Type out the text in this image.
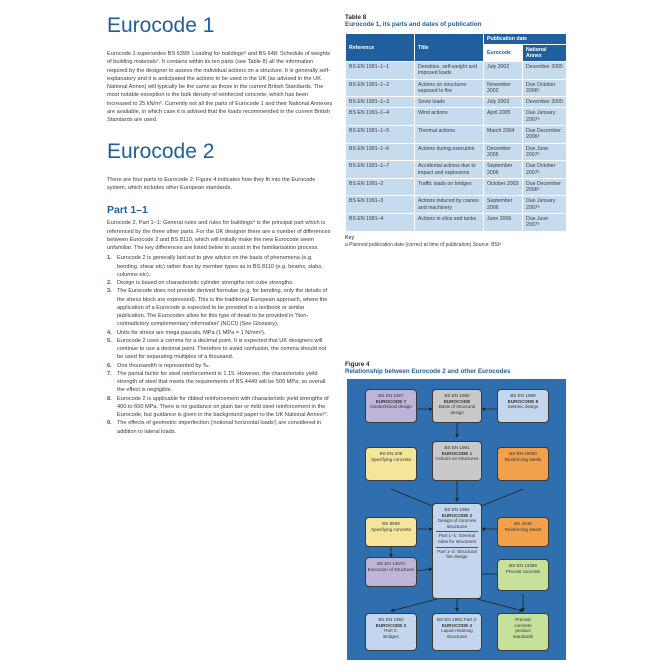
Eurocode 1

Eurocode 1 supersedes BS 6399: Loading for buildings⁶ and BS 648: Schedule of weights of building materials⁷. It contains within its ten parts (see Table 8) all the information required by the designer to assess the individual actions on a structure. It is generally self-explanatory and it is anticipated the actions to be used in the UK (as advised in the UK National Annex) will typically be the same as those in the current British Standards. The most notable exception is the bulk density of reinforced concrete, which has been increased to 25 kN/m³. Currently not all the parts of Eurocode 1 and their National Annexes are available, in which case it is advised that the loads recommended in the current British Standards are used.

Eurocode 2

There are four parts to Eurocode 2; Figure 4 indicates how they fit into the Eurocode system, which includes other European standards.

Part 1–1

Eurocode 2, Part 1–1: General rules and rules for buildings⁹ is the principal part which is referenced by the three other parts. For the UK designer there are a number of differences between Eurocode 2 and BS 8110, which will initially make the new Eurocode seem unfamiliar. The key differences are listed below to assist in the familiarisation process.

1. Eurocode 2 is generally laid out to give advice on the basis of phenomena (e.g. bending, shear etc) rather than by member types as in BS 8110 (e.g. beams, slabs, columns etc).
2. Design is based on characteristic cylinder strengths not cube strengths.
3. The Eurocode does not provide derived formulae (e.g. for bending, only the details of the stress block are expressed). This is the traditional European approach, where the application of a Eurocode is expected to be provided in a textbook or similar publication. The Eurocodes allow for this type of detail to be provided in 'Non-contradictory complementary information' (NCCI) (See Glossary).
4. Units for stress are mega pascals, MPa (1 MPa = 1 N/mm²).
5. Eurocode 2 uses a comma for a decimal point. It is expected that UK designers will continue to use a decimal point. Therefore to avoid confusion, the comma should not be used for separating multiples of a thousand.
6. One thousandth is represented by ‰.
7. The partial factor for steel reinforcement is 1.15. However, the characteristic yield strength of steel that meets the requirements of BS 4449 will be 500 MPa; so overall the effect is negligible.
8. Eurocode 2 is applicable for ribbed reinforcement with characteristic yield strengths of 400 to 600 MPa. There is no guidance on plain bar or mild steel reinforcement in the Eurocode, but guidance is given in the background paper to the UK National Annex¹⁰.
9. The effects of geometric imperfection ('notional horizontal loads') are considered in addition to lateral loads.
Table 8
Eurocode 1, its parts and dates of publication
Reference	Title	Publication date	
		Eurocode	National Annex
BS EN 1991–1–1	Densities, self-weight and imposed loads	July 2002	December 2005
BS EN 1991–1–2	Actions on structures exposed to fire	November 2002	Due October 2006ᵃ
BS EN 1991–1–3	Snow loads	July 2003	December 2005
BS EN 1991–1–4	Wind actions	April 2005	Due January 2007ᵃ
BS EN 1991–1–5	Thermal actions	March 2004	Due December 2006ᵃ
BS EN 1991–1–6	Actions during execution	December 2005	Due June 2007ᵃ
BS EN 1991–1–7	Accidental actions due to impact and explosions	September 2006	Due October 2007ᵃ
BS EN 1991–2	Traffic loads on bridges	October 2003	Due December 2006ᵃ
BS EN 1991–3	Actions induced by cranes and machinery	September 2006	Due January 2007ᵃ
BS EN 1991–4	Actions in silos and tanks	June 2006	Due June 2007ᵃ
Key
a Planned publication date (correct at time of publication) Source: BSI⁸
Figure 4
Relationship between Eurocode 2 and other Eurocodes
BS EN 1997
EUROCODE 7
Geotechnical design
BS EN 1990
EUROCODE
Basis of structural design
BS EN 1998
EUROCODE 8
Seismic design
BS EN 206
Specifying concrete
BS EN 1991
EUROCODE 1
Actions on structures
BS EN 10080
Reinforcing steels
BS 8500
Specifying concrete
BS EN 1992
EUROCODE 2
Design of concrete structures
Part 1–1: General rules for structures
Part 1–2: Structural fire design
BS 4449
Reinforcing steels
BS EN 13670
Execution of structures
BS EN 13369
Precast concrete
BS EN 1992
EUROCODE 2
Part 2:
Bridges
BS EN 1992 Part 3:
EUROCODE 2
Liquid-retaining structures
Precast
concrete
product
standards
